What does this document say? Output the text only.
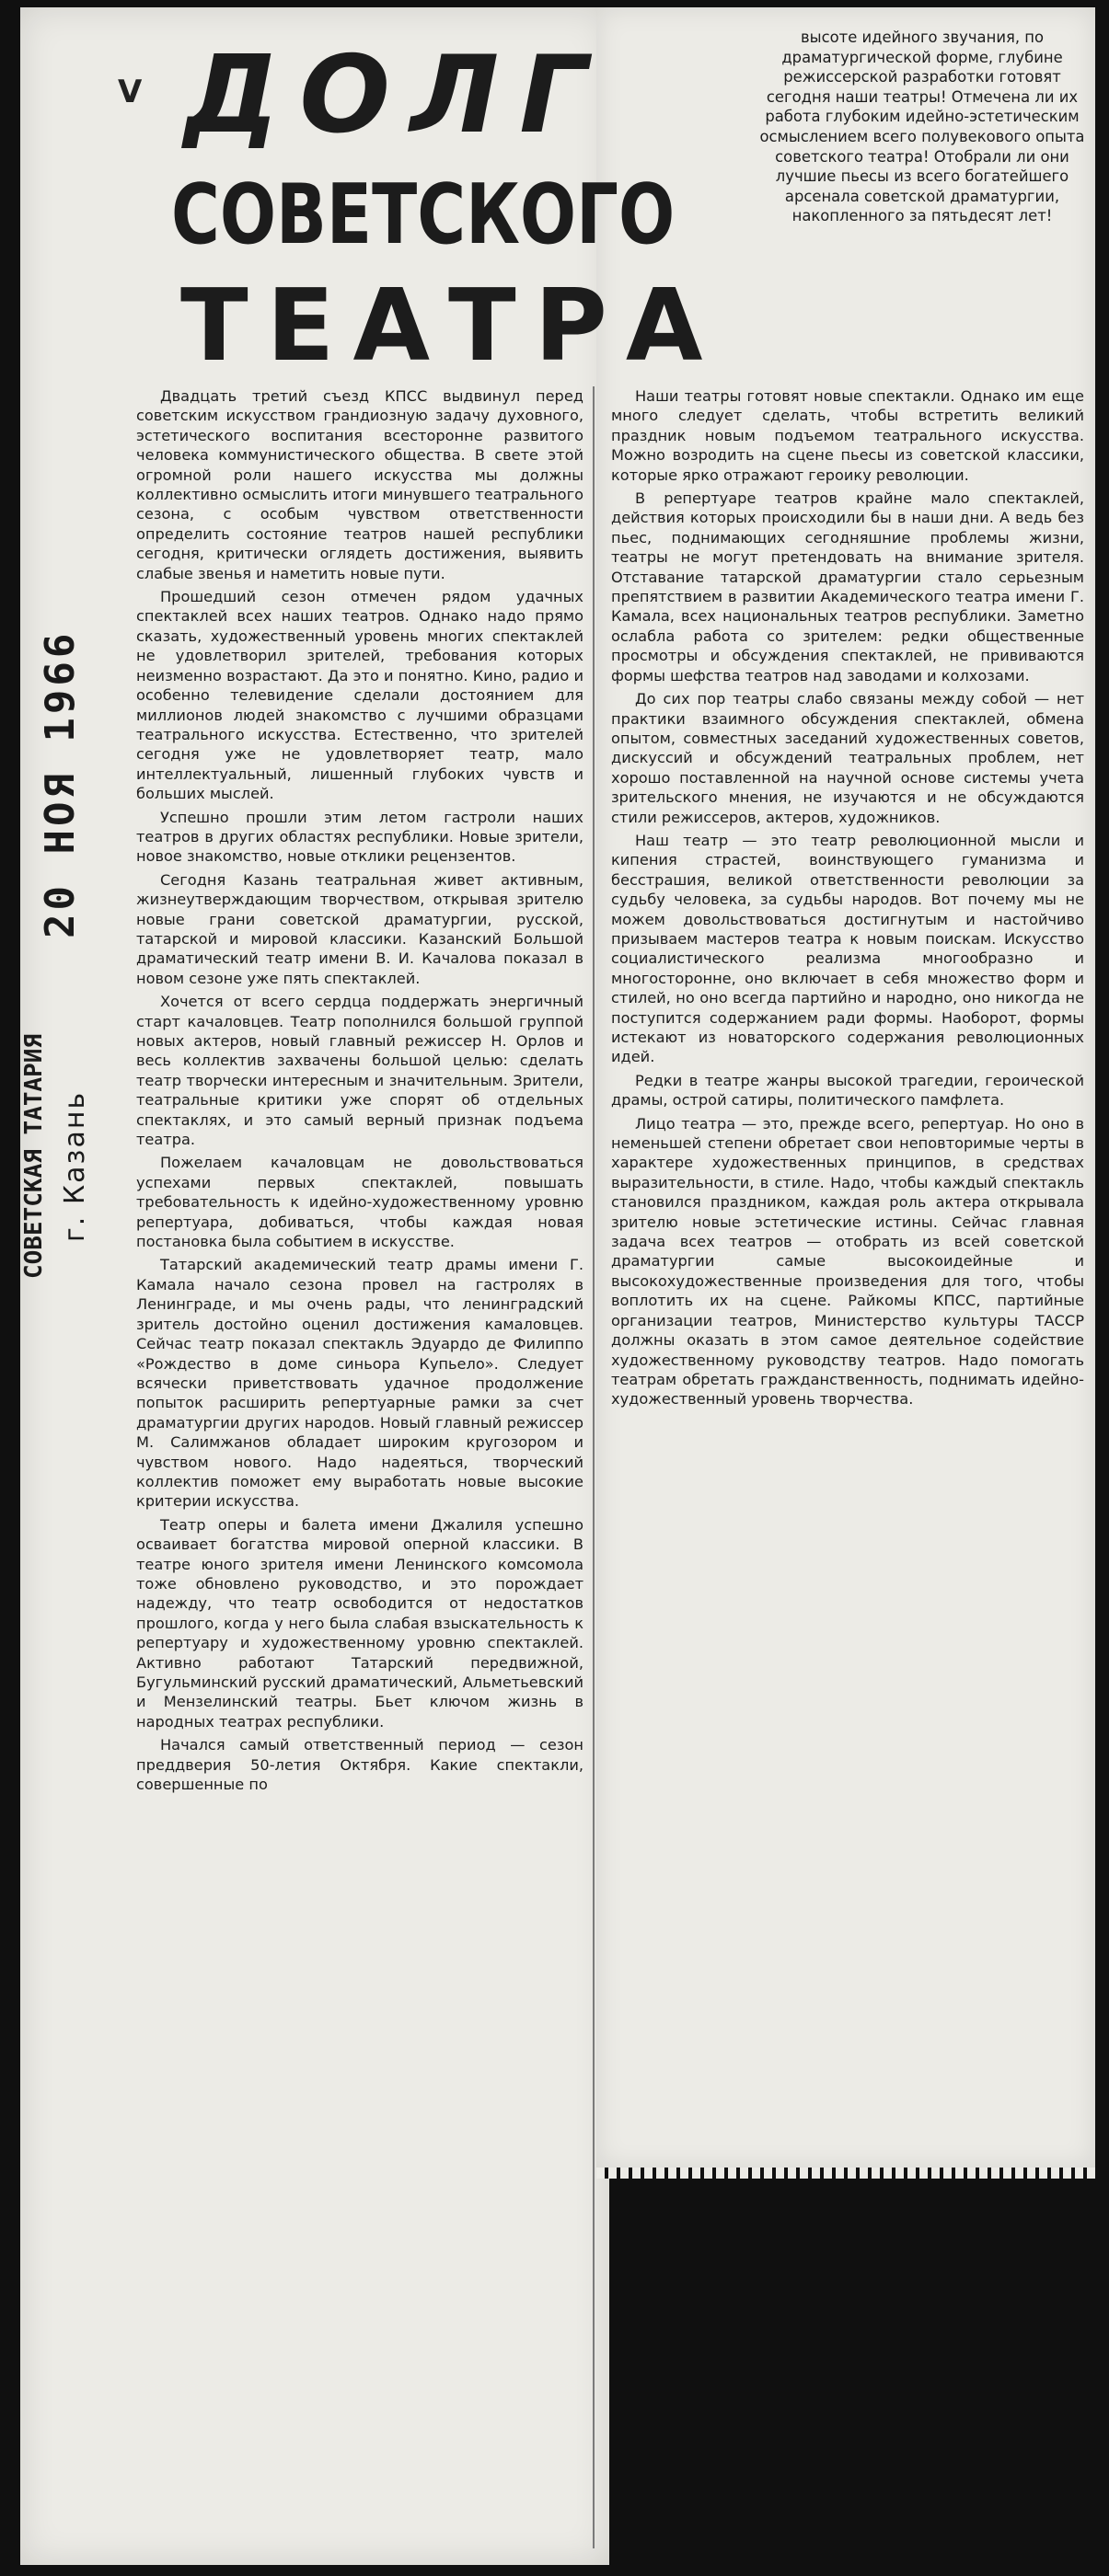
V ДОЛГ
СОВЕТСКОГО
ТЕАТРА
20 НОЯ 1966
СОВЕТСКАЯ ТАТАРИЯ г. Казань

высоте идейного звучания, по драматургической форме, глубине режиссерской разработки готовят сегодня наши театры! Отмечена ли их работа глубоким идейно-эстетическим осмыслением всего полувекового опыта советского театра! Отобрали ли они лучшие пьесы из всего богатейшего арсенала советской драматургии, накопленного за пятьдесят лет!

Двадцать третий съезд КПСС выдвинул перед советским искусством грандиозную задачу духовного, эстетического воспитания всесторонне развитого человека коммунистического общества. В свете этой огромной роли нашего искусства мы должны коллективно осмыслить итоги минувшего театрального сезона, с особым чувством ответственности определить состояние театров нашей республики сегодня, критически оглядеть достижения, выявить слабые звенья и наметить новые пути.

Прошедший сезон отмечен рядом удачных спектаклей всех наших театров. Однако надо прямо сказать, художественный уровень многих спектаклей не удовлетворил зрителей, требования которых неизменно возрастают. Да это и понятно. Кино, радио и особенно телевидение сделали достоянием для миллионов людей знакомство с лучшими образцами театрального искусства. Естественно, что зрителей сегодня уже не удовлетворяет театр, мало интеллектуальный, лишенный глубоких чувств и больших мыслей.

Успешно прошли этим летом гастроли наших театров в других областях республики. Новые зрители, новое знакомство, новые отклики рецензентов.

Сегодня Казань театральная живет активным, жизнеутверждающим творчеством, открывая зрителю новые грани советской драматургии, русской, татарской и мировой классики. Казанский Большой драматический театр имени В. И. Качалова показал в новом сезоне уже пять спектаклей.

Хочется от всего сердца поддержать энергичный старт качаловцев. Театр пополнился большой группой новых актеров, новый главный режиссер Н. Орлов и весь коллектив захвачены большой целью: сделать театр творчески интересным и значительным. Зрители, театральные критики уже спорят об отдельных спектаклях, и это самый верный признак подъема театра.

Пожелаем качаловцам не довольствоваться успехами первых спектаклей, повышать требовательность к идейно-художественному уровню репертуара, добиваться, чтобы каждая новая постановка была событием в искусстве.

Татарский академический театр драмы имени Г. Камала начало сезона провел на гастролях в Ленинграде, и мы очень рады, что ленинградский зритель достойно оценил достижения камаловцев. Сейчас театр показал спектакль Эдуардо де Филиппо «Рождество в доме синьора Купьело». Следует всячески приветствовать удачное продолжение попыток расширить репертуарные рамки за счет драматургии других народов. Новый главный режиссер М. Салимжанов обладает широким кругозором и чувством нового. Надо надеяться, творческий коллектив поможет ему выработать новые высокие критерии искусства.

Театр оперы и балета имени Джалиля успешно осваивает богатства мировой оперной классики. В театре юного зрителя имени Ленинского комсомола тоже обновлено руководство, и это порождает надежду, что театр освободится от недостатков прошлого, когда у него была слабая взыскательность к репертуару и художественному уровню спектаклей. Активно работают Татарский передвижной, Бугульминский русский драматический, Альметьевский и Мензелинский театры. Бьет ключом жизнь в народных театрах республики.

Начался самый ответственный период — сезон преддверия 50-летия Октября. Какие спектакли, совершенные по

Наши театры готовят новые спектакли. Однако им еще много следует сделать, чтобы встретить великий праздник новым подъемом театрального искусства. Можно возродить на сцене пьесы из советской классики, которые ярко отражают героику революции.

В репертуаре театров крайне мало спектаклей, действия которых происходили бы в наши дни. А ведь без пьес, поднимающих сегодняшние проблемы жизни, театры не могут претендовать на внимание зрителя. Отставание татарской драматургии стало серьезным препятствием в развитии Академического театра имени Г. Камала, всех национальных театров республики. Заметно ослабла работа со зрителем: редки общественные просмотры и обсуждения спектаклей, не прививаются формы шефства театров над заводами и колхозами.

До сих пор театры слабо связаны между собой — нет практики взаимного обсуждения спектаклей, обмена опытом, совместных заседаний художественных советов, дискуссий и обсуждений театральных проблем, нет хорошо поставленной на научной основе системы учета зрительского мнения, не изучаются и не обсуждаются стили режиссеров, актеров, художников.

Наш театр — это театр революционной мысли и кипения страстей, воинствующего гуманизма и бесстрашия, великой ответственности революции за судьбу человека, за судьбы народов. Вот почему мы не можем довольствоваться достигнутым и настойчиво призываем мастеров театра к новым поискам. Искусство социалистического реализма многообразно и многосторонне, оно включает в себя множество форм и стилей, но оно всегда партийно и народно, оно никогда не поступится содержанием ради формы. Наоборот, формы истекают из новаторского содержания революционных идей.

Редки в театре жанры высокой трагедии, героической драмы, острой сатиры, политического памфлета.

Лицо театра — это, прежде всего, репертуар. Но оно в неменьшей степени обретает свои неповторимые черты в характере художественных принципов, в средствах выразительности, в стиле. Надо, чтобы каждый спектакль становился праздником, каждая роль актера открывала зрителю новые эстетические истины. Сейчас главная задача всех театров — отобрать из всей советской драматургии самые высокоидейные и высокохудожественные произведения для того, чтобы воплотить их на сцене. Райкомы КПСС, партийные организации театров, Министерство культуры ТАССР должны оказать в этом самое деятельное содействие художественному руководству театров. Надо помогать театрам обретать гражданственность, поднимать идейно-художественный уровень творчества.
